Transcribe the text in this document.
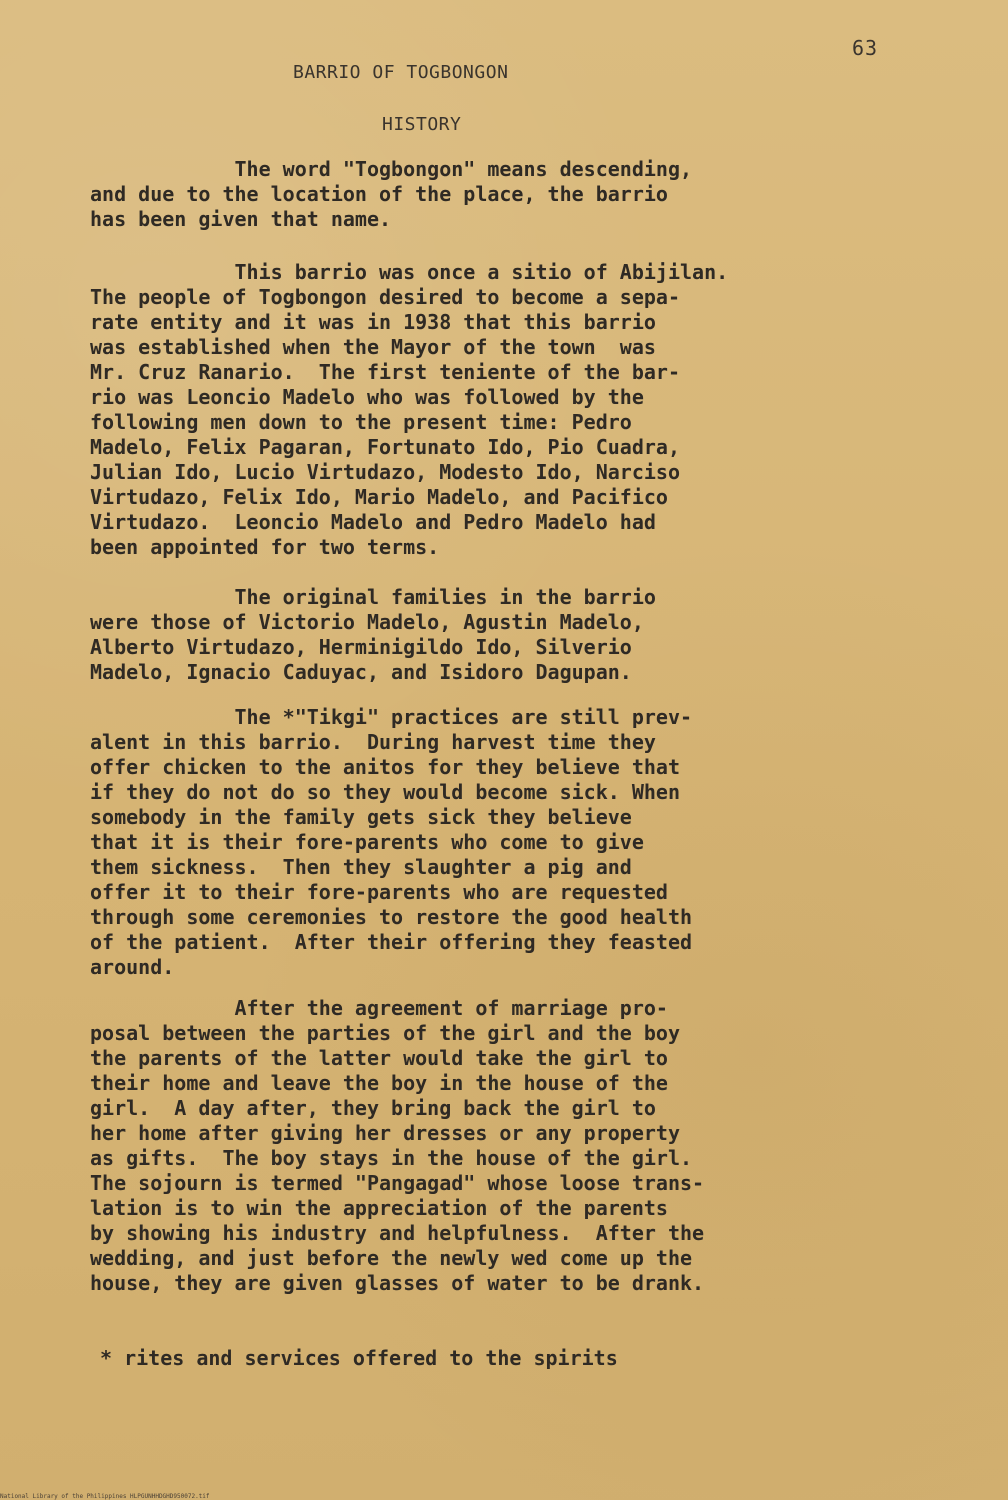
63
BARRIO OF TOGBONGON
HISTORY
The word "Togbongon" means descending,
and due to the location of the place, the barrio
has been given that name.
This barrio was once a sitio of Abijilan.
The people of Togbongon desired to become a sepa-
rate entity and it was in 1938 that this barrio
was established when the Mayor of the town  was
Mr. Cruz Ranario.  The first teniente of the bar-
rio was Leoncio Madelo who was followed by the
following men down to the present time: Pedro
Madelo, Felix Pagaran, Fortunato Ido, Pio Cuadra,
Julian Ido, Lucio Virtudazo, Modesto Ido, Narciso
Virtudazo, Felix Ido, Mario Madelo, and Pacifico
Virtudazo.  Leoncio Madelo and Pedro Madelo had
been appointed for two terms.
The original families in the barrio
were those of Victorio Madelo, Agustin Madelo,
Alberto Virtudazo, Herminigildo Ido, Silverio
Madelo, Ignacio Caduyac, and Isidoro Dagupan.
The *"Tikgi" practices are still prev-
alent in this barrio.  During harvest time they
offer chicken to the anitos for they believe that
if they do not do so they would become sick. When
somebody in the family gets sick they believe
that it is their fore-parents who come to give
them sickness.  Then they slaughter a pig and
offer it to their fore-parents who are requested
through some ceremonies to restore the good health
of the patient.  After their offering they feasted
around.
After the agreement of marriage pro-
posal between the parties of the girl and the boy
the parents of the latter would take the girl to
their home and leave the boy in the house of the
girl.  A day after, they bring back the girl to
her home after giving her dresses or any property
as gifts.  The boy stays in the house of the girl.
The sojourn is termed "Pangagad" whose loose trans-
lation is to win the appreciation of the parents
by showing his industry and helpfulness.  After the
wedding, and just before the newly wed come up the
house, they are given glasses of water to be drank.
* rites and services offered to the spirits
National Library of the Philippines HLPGUNHHDGHD950072.tif
